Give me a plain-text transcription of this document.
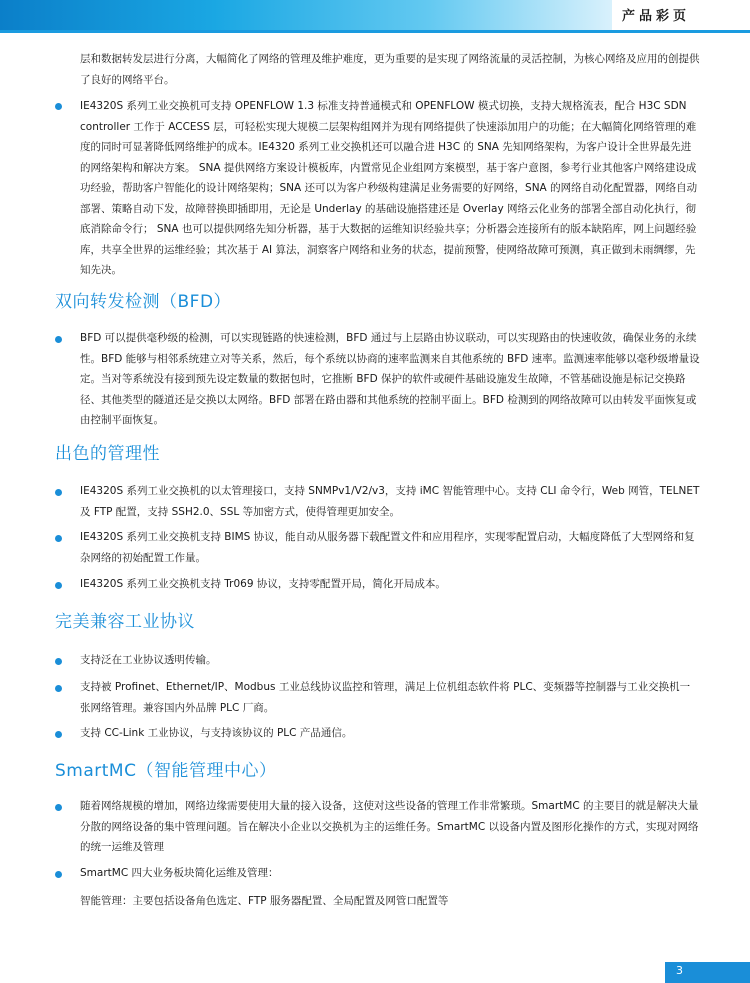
产品彩页
层和数据转发层进行分离，大幅简化了网络的管理及维护难度，更为重要的是实现了网络流量的灵活控制，为核心网络及应用的创提供了良好的网络平台。
IE4320S 系列工业交换机可支持 OPENFLOW 1.3 标准支持普通模式和 OPENFLOW 模式切换，支持大规格流表，配合 H3C SDN controller 工作于 ACCESS 层，可轻松实现大规模二层架构组网并为现有网络提供了快速添加用户的功能；在大幅简化网络管理的难度的同时可显著降低网络维护的成本。IE4320 系列工业交换机还可以融合进 H3C 的 SNA 先知网络架构，为客户设计全世界最先进的网络架构和解决方案。 SNA 提供网络方案设计模板库，内置常见企业组网方案模型，基于客户意图，参考行业其他客户网络建设成功经验，帮助客户智能化的设计网络架构；SNA 还可以为客户秒级构建满足业务需要的好网络，SNA 的网络自动化配置器，网络自动部署、策略自动下发，故障替换即插即用，无论是 Underlay 的基础设施搭建还是 Overlay 网络云化业务的部署全部自动化执行，彻底消除命令行； SNA 也可以提供网络先知分析器，基于大数据的运维知识经验共享；分析器会连接所有的版本缺陷库，网上问题经验库，共享全世界的运维经验；其次基于 AI 算法，洞察客户网络和业务的状态，提前预警，使网络故障可预测，真正做到未雨绸缪，先知先决。
双向转发检测（BFD）
BFD 可以提供毫秒级的检测，可以实现链路的快速检测，BFD 通过与上层路由协议联动，可以实现路由的快速收敛，确保业务的永续性。BFD 能够与相邻系统建立对等关系，然后，每个系统以协商的速率监测来自其他系统的 BFD 速率。监测速率能够以毫秒级增量设定。当对等系统没有接到预先设定数量的数据包时，它推断 BFD 保护的软件或硬件基础设施发生故障，不管基础设施是标记交换路径、其他类型的隧道还是交换以太网络。BFD 部署在路由器和其他系统的控制平面上。BFD 检测到的网络故障可以由转发平面恢复或由控制平面恢复。
出色的管理性
IE4320S 系列工业交换机的以太管理接口，支持 SNMPv1/V2/v3，支持 iMC 智能管理中心。支持 CLI 命令行，Web 网管，TELNET 及 FTP 配置，支持 SSH2.0、SSL 等加密方式，使得管理更加安全。
IE4320S 系列工业交换机支持 BIMS 协议，能自动从服务器下载配置文件和应用程序，实现零配置启动，大幅度降低了大型网络和复杂网络的初始配置工作量。
IE4320S 系列工业交换机支持 Tr069 协议，支持零配置开局，简化开局成本。
完美兼容工业协议
支持泛在工业协议透明传输。
支持被 Profinet、Ethernet/IP、Modbus 工业总线协议监控和管理，满足上位机组态软件将 PLC、变频器等控制器与工业交换机一张网络管理。兼容国内外品牌 PLC 厂商。
支持 CC-Link 工业协议，与支持该协议的 PLC 产品通信。
SmartMC（智能管理中心）
随着网络规模的增加，网络边缘需要使用大量的接入设备，这使对这些设备的管理工作非常繁琐。SmartMC 的主要目的就是解决大量分散的网络设备的集中管理问题。旨在解决小企业以交换机为主的运维任务。SmartMC 以设备内置及图形化操作的方式，实现对网络的统一运维及管理
SmartMC 四大业务板块简化运维及管理：
智能管理：主要包括设备角色选定、FTP 服务器配置、全局配置及网管口配置等
3
